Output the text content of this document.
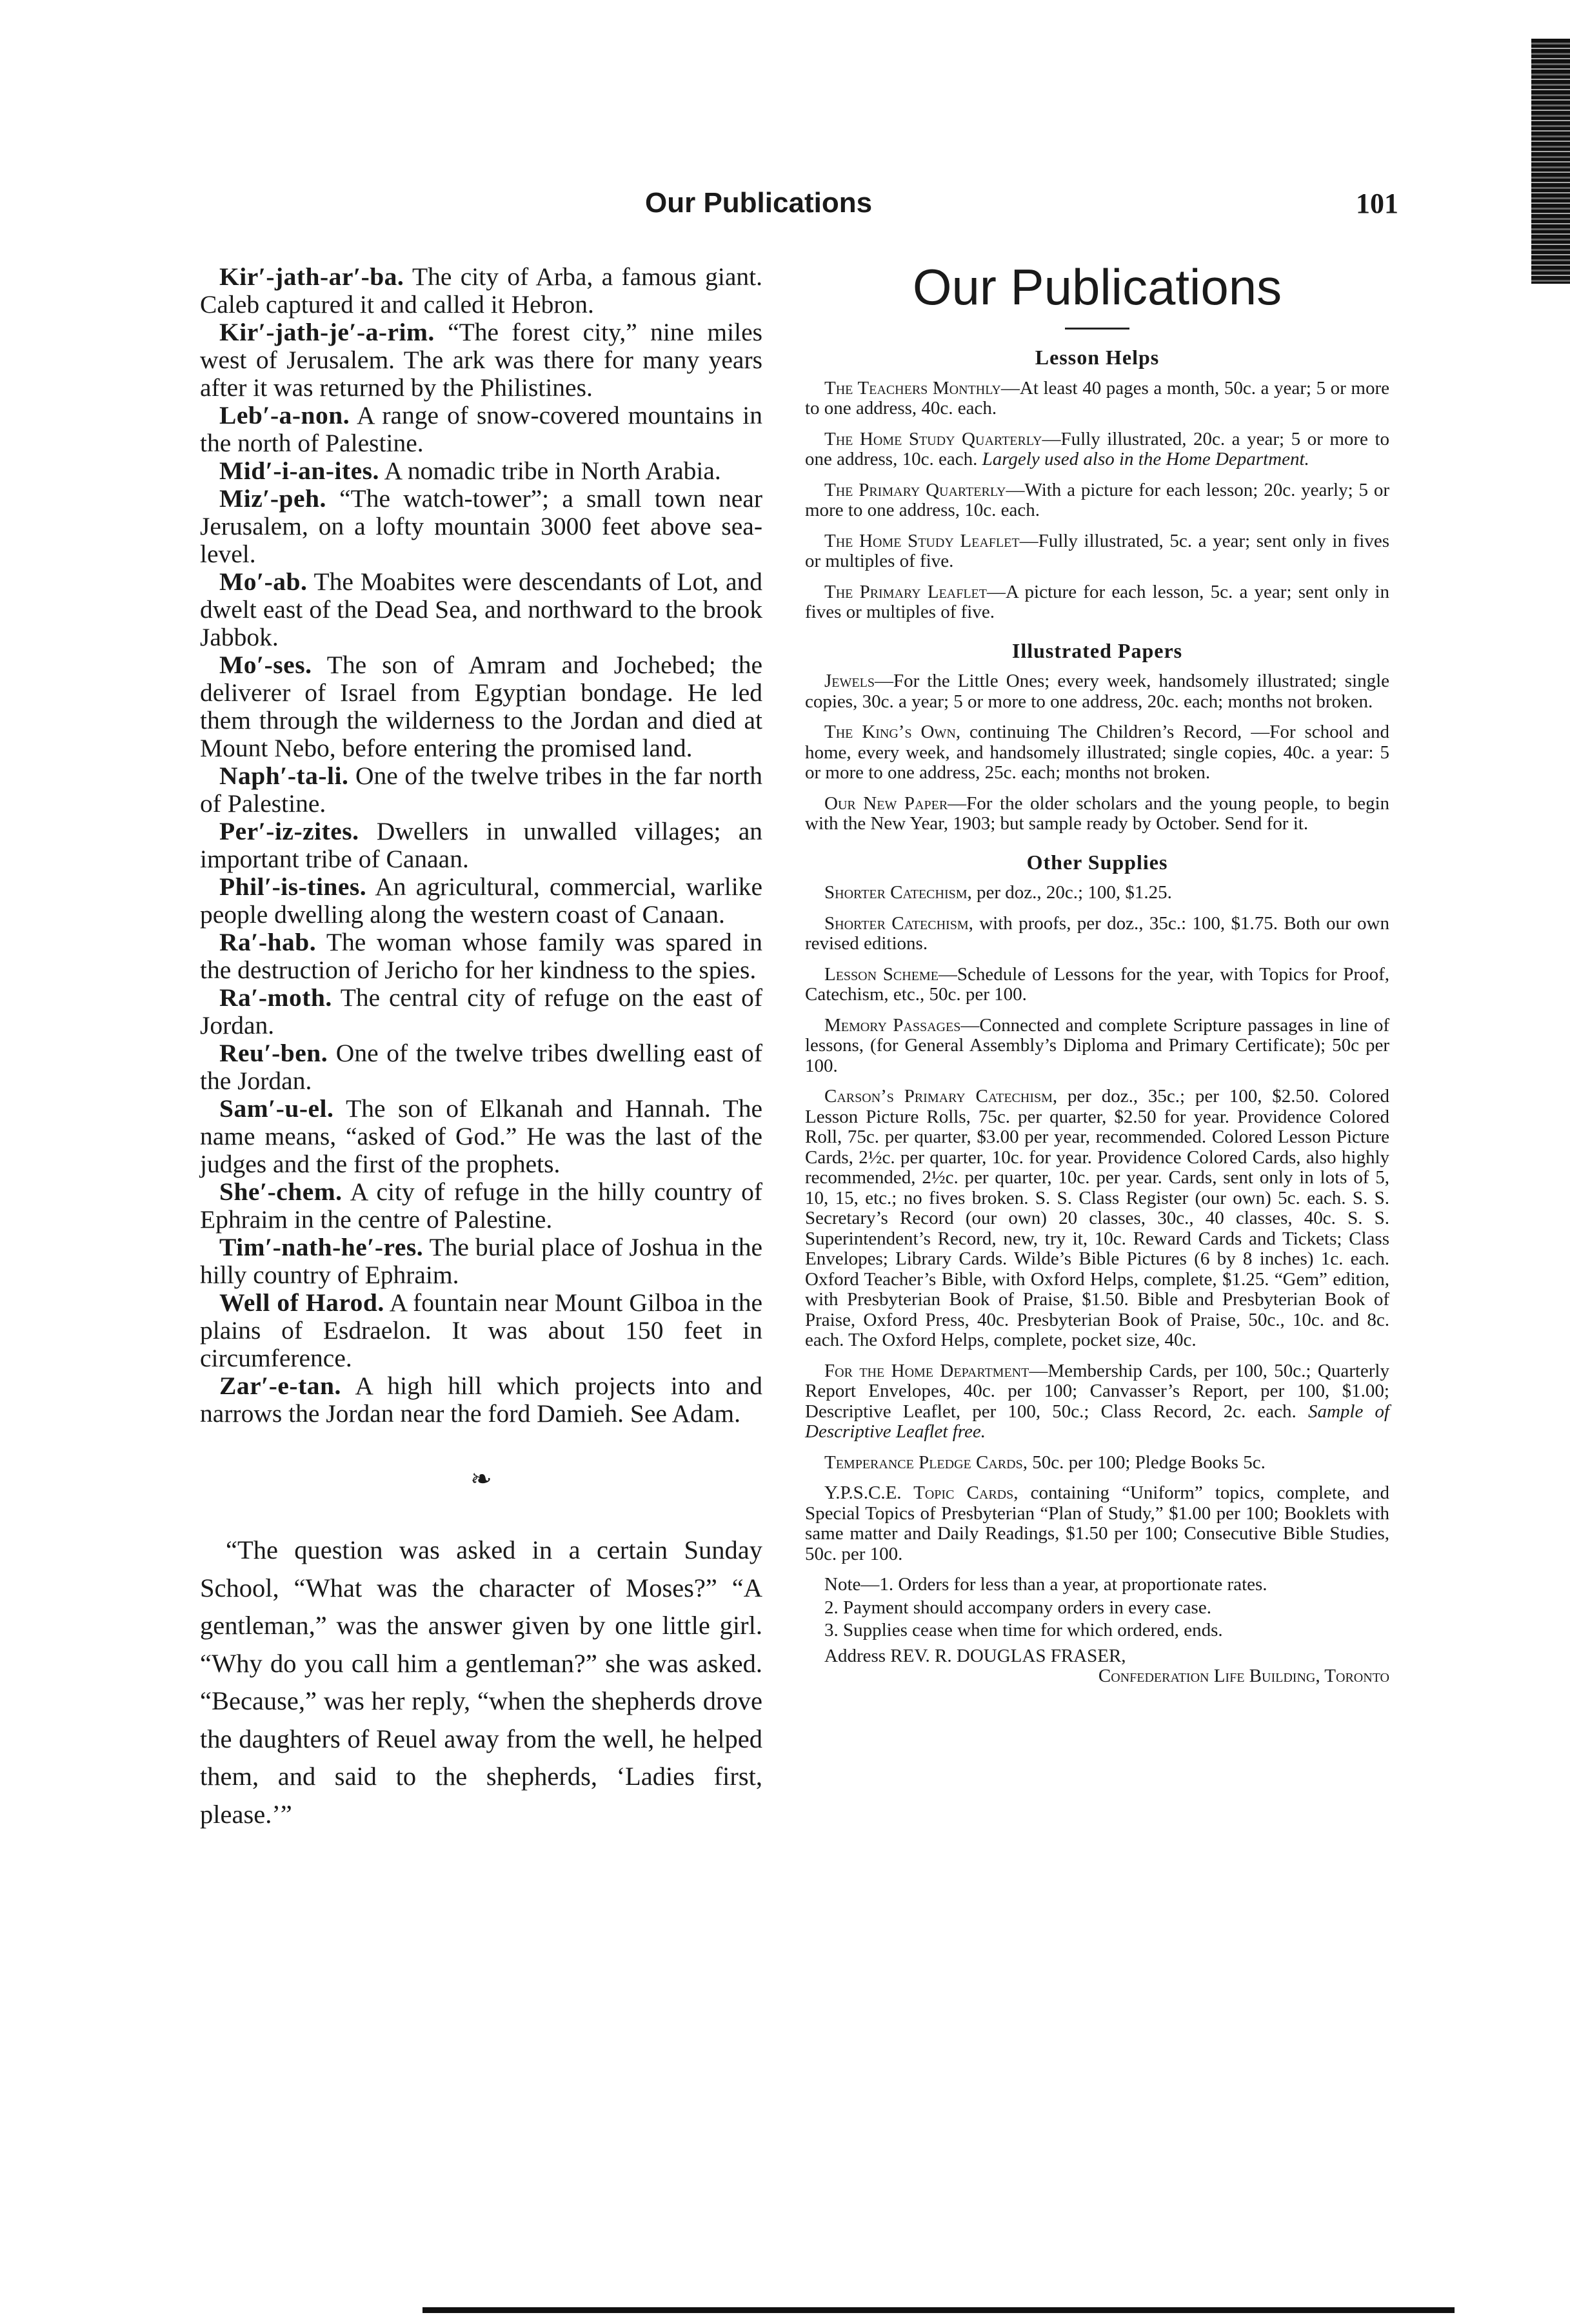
Our Publications	101

Kir′-jath-ar′-ba. The city of Arba, a famous giant. Caleb captured it and called it Hebron.

Kir′-jath-je′-a-rim. “The forest city,” nine miles west of Jerusalem. The ark was there for many years after it was returned by the Philistines.

Leb′-a-non. A range of snow-covered mountains in the north of Palestine.

Mid′-i-an-ites. A nomadic tribe in North Arabia.

Miz′-peh. “The watch-tower”; a small town near Jerusalem, on a lofty mountain 3000 feet above sea-level.

Mo′-ab. The Moabites were descendants of Lot, and dwelt east of the Dead Sea, and northward to the brook Jabbok.

Mo′-ses. The son of Amram and Jochebed; the deliverer of Israel from Egyptian bondage. He led them through the wilderness to the Jordan and died at Mount Nebo, before entering the promised land.

Naph′-ta-li. One of the twelve tribes in the far north of Palestine.

Per′-iz-zites. Dwellers in unwalled villages; an important tribe of Canaan.

Phil′-is-tines. An agricultural, commercial, warlike people dwelling along the western coast of Canaan.

Ra′-hab. The woman whose family was spared in the destruction of Jericho for her kindness to the spies.

Ra′-moth. The central city of refuge on the east of Jordan.

Reu′-ben. One of the twelve tribes dwelling east of the Jordan.

Sam′-u-el. The son of Elkanah and Hannah. The name means, “asked of God.” He was the last of the judges and the first of the prophets.

She′-chem. A city of refuge in the hilly country of Ephraim in the centre of Palestine.

Tim′-nath-he′-res. The burial place of Joshua in the hilly country of Ephraim.

Well of Harod. A fountain near Mount Gilboa in the plains of Esdraelon. It was about 150 feet in circumference.

Zar′-e-tan. A high hill which projects into and narrows the Jordan near the ford Damieh. See Adam.

❧

“The question was asked in a certain Sunday School, “What was the character of Moses?” “A gentleman,” was the answer given by one little girl. “Why do you call him a gentleman?” she was asked. “Because,” was her reply, “when the shepherds drove the daughters of Reuel away from the well, he helped them, and said to the shepherds, ‘Ladies first, please.’”

Our Publications

Lesson Helps

The Teachers Monthly—At least 40 pages a month, 50c. a year; 5 or more to one address, 40c. each.

The Home Study Quarterly—Fully illustrated, 20c. a year; 5 or more to one address, 10c. each. Largely used also in the Home Department.

The Primary Quarterly—With a picture for each lesson; 20c. yearly; 5 or more to one address, 10c. each.

The Home Study Leaflet—Fully illustrated, 5c. a year; sent only in fives or multiples of five.

The Primary Leaflet—A picture for each lesson, 5c. a year; sent only in fives or multiples of five.

Illustrated Papers

Jewels—For the Little Ones; every week, handsomely illustrated; single copies, 30c. a year; 5 or more to one address, 20c. each; months not broken.

The King’s Own, continuing The Children’s Record, —For school and home, every week, and handsomely illustrated; single copies, 40c. a year: 5 or more to one address, 25c. each; months not broken.

Our New Paper—For the older scholars and the young people, to begin with the New Year, 1903; but sample ready by October. Send for it.

Other Supplies

Shorter Catechism, per doz., 20c.; 100, $1.25.

Shorter Catechism, with proofs, per doz., 35c.: 100, $1.75. Both our own revised editions.

Lesson Scheme—Schedule of Lessons for the year, with Topics for Proof, Catechism, etc., 50c. per 100.

Memory Passages—Connected and complete Scripture passages in line of lessons, (for General Assembly’s Diploma and Primary Certificate); 50c per 100.

Carson’s Primary Catechism, per doz., 35c.; per 100, $2.50. Colored Lesson Picture Rolls, 75c. per quarter, $2.50 for year. Providence Colored Roll, 75c. per quarter, $3.00 per year, recommended. Colored Lesson Picture Cards, 2½c. per quarter, 10c. for year. Providence Colored Cards, also highly recommended, 2½c. per quarter, 10c. per year. Cards, sent only in lots of 5, 10, 15, etc.; no fives broken. S. S. Class Register (our own) 5c. each. S. S. Secretary’s Record (our own) 20 classes, 30c., 40 classes, 40c. S. S. Superintendent’s Record, new, try it, 10c. Reward Cards and Tickets; Class Envelopes; Library Cards. Wilde’s Bible Pictures (6 by 8 inches) 1c. each. Oxford Teacher’s Bible, with Oxford Helps, complete, $1.25. “Gem” edition, with Presbyterian Book of Praise, $1.50. Bible and Presbyterian Book of Praise, Oxford Press, 40c. Presbyterian Book of Praise, 50c., 10c. and 8c. each. The Oxford Helps, complete, pocket size, 40c.

For the Home Department—Membership Cards, per 100, 50c.; Quarterly Report Envelopes, 40c. per 100; Canvasser’s Report, per 100, $1.00; Descriptive Leaflet, per 100, 50c.; Class Record, 2c. each. Sample of Descriptive Leaflet free.

Temperance Pledge Cards, 50c. per 100; Pledge Books 5c.

Y.P.S.C.E. Topic Cards, containing “Uniform” topics, complete, and Special Topics of Presbyterian “Plan of Study,” $1.00 per 100; Booklets with same matter and Daily Readings, $1.50 per 100; Consecutive Bible Studies, 50c. per 100.

Note—1. Orders for less than a year, at proportionate rates.

2. Payment should accompany orders in every case.

3. Supplies cease when time for which ordered, ends.

Address REV. R. DOUGLAS FRASER,

Confederation Life Building, Toronto
